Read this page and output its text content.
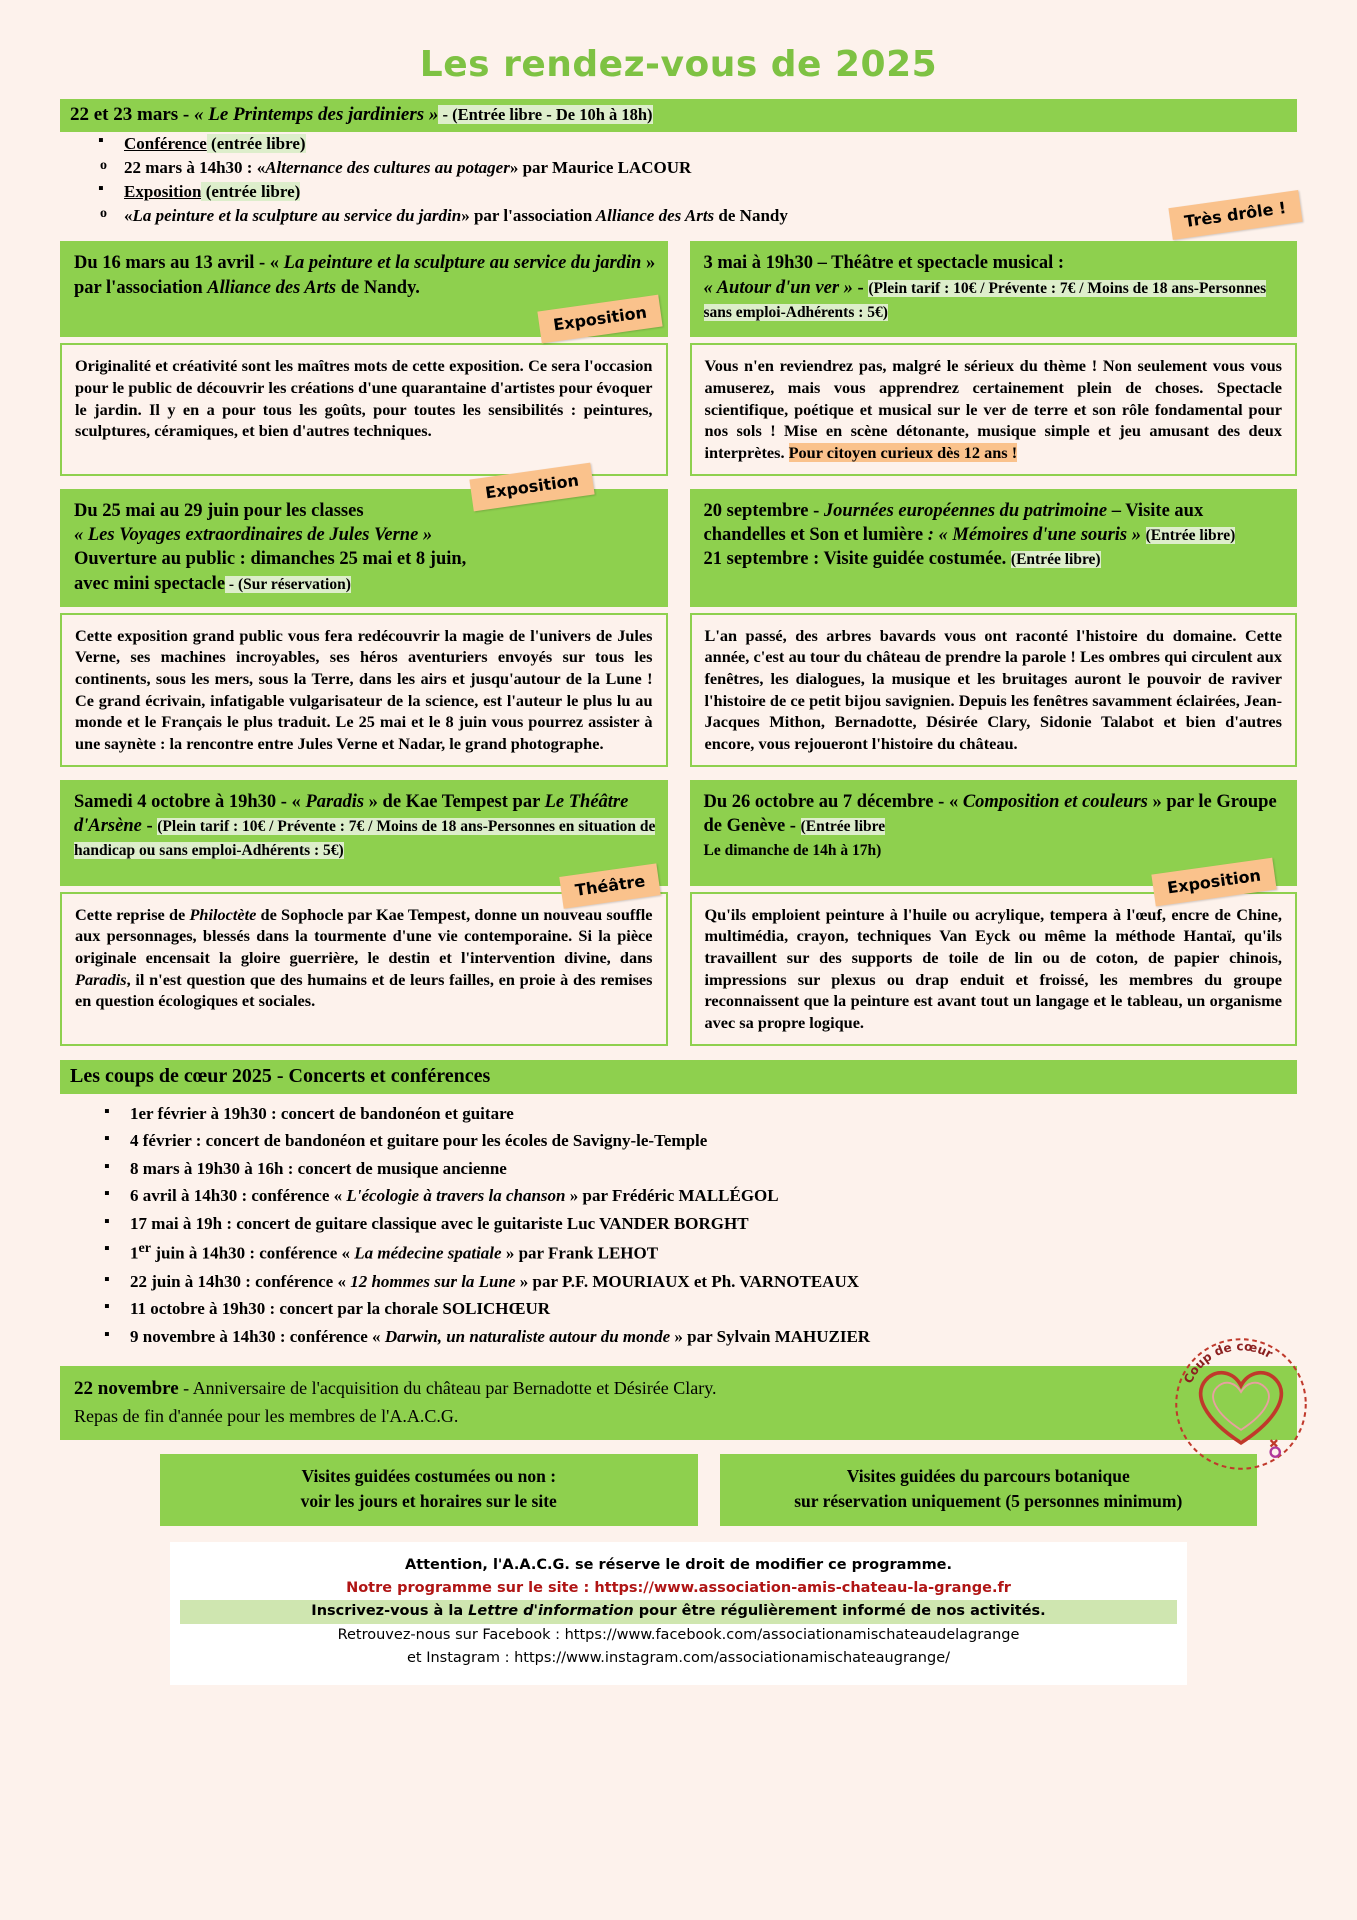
Les rendez-vous de 2025
22 et 23 mars - « Le Printemps des jardiniers » - (Entrée libre - De 10h à 18h)
▪ Conférence (entrée libre)
o 22 mars à 14h30 : «Alternance des cultures au potager» par Maurice LACOUR
▪ Exposition (entrée libre)
o «La peinture et la sculpture au service du jardin» par l'association Alliance des Arts de Nandy
Exposition
Du 16 mars au 13 avril - « La peinture et la sculpture au service du jardin » par l'association Alliance des Arts de Nandy.
Originalité et créativité sont les maîtres mots de cette exposition. Ce sera l'occasion pour le public de découvrir les créations d'une quarantaine d'artistes pour évoquer le jardin. Il y en a pour tous les goûts, pour toutes les sensibilités : peintures, sculptures, céramiques, et bien d'autres techniques.
Très drôle !
3 mai à 19h30 – Théâtre et spectacle musical :
« Autour d'un ver » - (Plein tarif : 10€ / Prévente : 7€ / Moins de 18 ans-Personnes sans emploi-Adhérents : 5€)
Vous n'en reviendrez pas, malgré le sérieux du thème ! Non seulement vous vous amuserez, mais vous apprendrez certainement plein de choses. Spectacle scientifique, poétique et musical sur le ver de terre et son rôle fondamental pour nos sols ! Mise en scène détonante, musique simple et jeu amusant des deux interprètes. Pour citoyen curieux dès 12 ans !
Exposition
Du 25 mai au 29 juin pour les classes
« Les Voyages extraordinaires de Jules Verne »
Ouverture au public : dimanches 25 mai et 8 juin,
avec mini spectacle - (Sur réservation)
Cette exposition grand public vous fera redécouvrir la magie de l'univers de Jules Verne, ses machines incroyables, ses héros aventuriers envoyés sur tous les continents, sous les mers, sous la Terre, dans les airs et jusqu'autour de la Lune ! Ce grand écrivain, infatigable vulgarisateur de la science, est l'auteur le plus lu au monde et le Français le plus traduit. Le 25 mai et le 8 juin vous pourrez assister à une saynète : la rencontre entre Jules Verne et Nadar, le grand photographe.
20 septembre - Journées européennes du patrimoine – Visite aux chandelles et Son et lumière : « Mémoires d'une souris » (Entrée libre)
21 septembre : Visite guidée costumée. (Entrée libre)
L'an passé, des arbres bavards vous ont raconté l'histoire du domaine. Cette année, c'est au tour du château de prendre la parole ! Les ombres qui circulent aux fenêtres, les dialogues, la musique et les bruitages auront le pouvoir de raviver l'histoire de ce petit bijou savignien. Depuis les fenêtres savamment éclairées, Jean-Jacques Mithon, Bernadotte, Désirée Clary, Sidonie Talabot et bien d'autres encore, vous rejoueront l'histoire du château.
Théâtre
Samedi 4 octobre à 19h30 - « Paradis » de Kae Tempest par Le Théâtre d'Arsène - (Plein tarif : 10€ / Prévente : 7€ / Moins de 18 ans-Personnes en situation de handicap ou sans emploi-Adhérents : 5€)
Cette reprise de Philoctète de Sophocle par Kae Tempest, donne un nouveau souffle aux personnages, blessés dans la tourmente d'une vie contemporaine. Si la pièce originale encensait la gloire guerrière, le destin et l'intervention divine, dans Paradis, il n'est question que des humains et de leurs failles, en proie à des remises en question écologiques et sociales.
Exposition
Du 26 octobre au 7 décembre - « Composition et couleurs » par le Groupe de Genève - (Entrée libre
Le dimanche de 14h à 17h)
Qu'ils emploient peinture à l'huile ou acrylique, tempera à l'œuf, encre de Chine, multimédia, crayon, techniques Van Eyck ou même la méthode Hantaï, qu'ils travaillent sur des supports de toile de lin ou de coton, de papier chinois, impressions sur plexus ou drap enduit et froissé, les membres du groupe reconnaissent que la peinture est avant tout un langage et le tableau, un organisme avec sa propre logique.
Les coups de cœur 2025 - Concerts et conférences
Coup de cœur
▪ 1er février à 19h30 : concert de bandonéon et guitare
▪ 4 février : concert de bandonéon et guitare pour les écoles de Savigny-le-Temple
▪ 8 mars à 19h30 à 16h : concert de musique ancienne
▪ 6 avril à 14h30 : conférence « L'écologie à travers la chanson » par Frédéric MALLÉGOL
▪ 17 mai à 19h : concert de guitare classique avec le guitariste Luc VANDER BORGHT
▪ 1er juin à 14h30 : conférence « La médecine spatiale » par Frank LEHOT
▪ 22 juin à 14h30 : conférence « 12 hommes sur la Lune » par P.F. MOURIAUX et Ph. VARNOTEAUX
▪ 11 octobre à 19h30 : concert par la chorale SOLICHŒUR
▪ 9 novembre à 14h30 : conférence « Darwin, un naturaliste autour du monde » par Sylvain MAHUZIER
22 novembre - Anniversaire de l'acquisition du château par Bernadotte et Désirée Clary.
Repas de fin d'année pour les membres de l'A.A.C.G.
Visites guidées costumées ou non :
voir les jours et horaires sur le site
Visites guidées du parcours botanique
sur réservation uniquement (5 personnes minimum)
Attention, l'A.A.C.G. se réserve le droit de modifier ce programme.
Notre programme sur le site : https://www.association-amis-chateau-la-grange.fr
Inscrivez-vous à la Lettre d'information pour être régulièrement informé de nos activités.
Retrouvez-nous sur Facebook : https://www.facebook.com/associationamischateaudelagrange
et Instagram : https://www.instagram.com/associationamischateaugrange/
